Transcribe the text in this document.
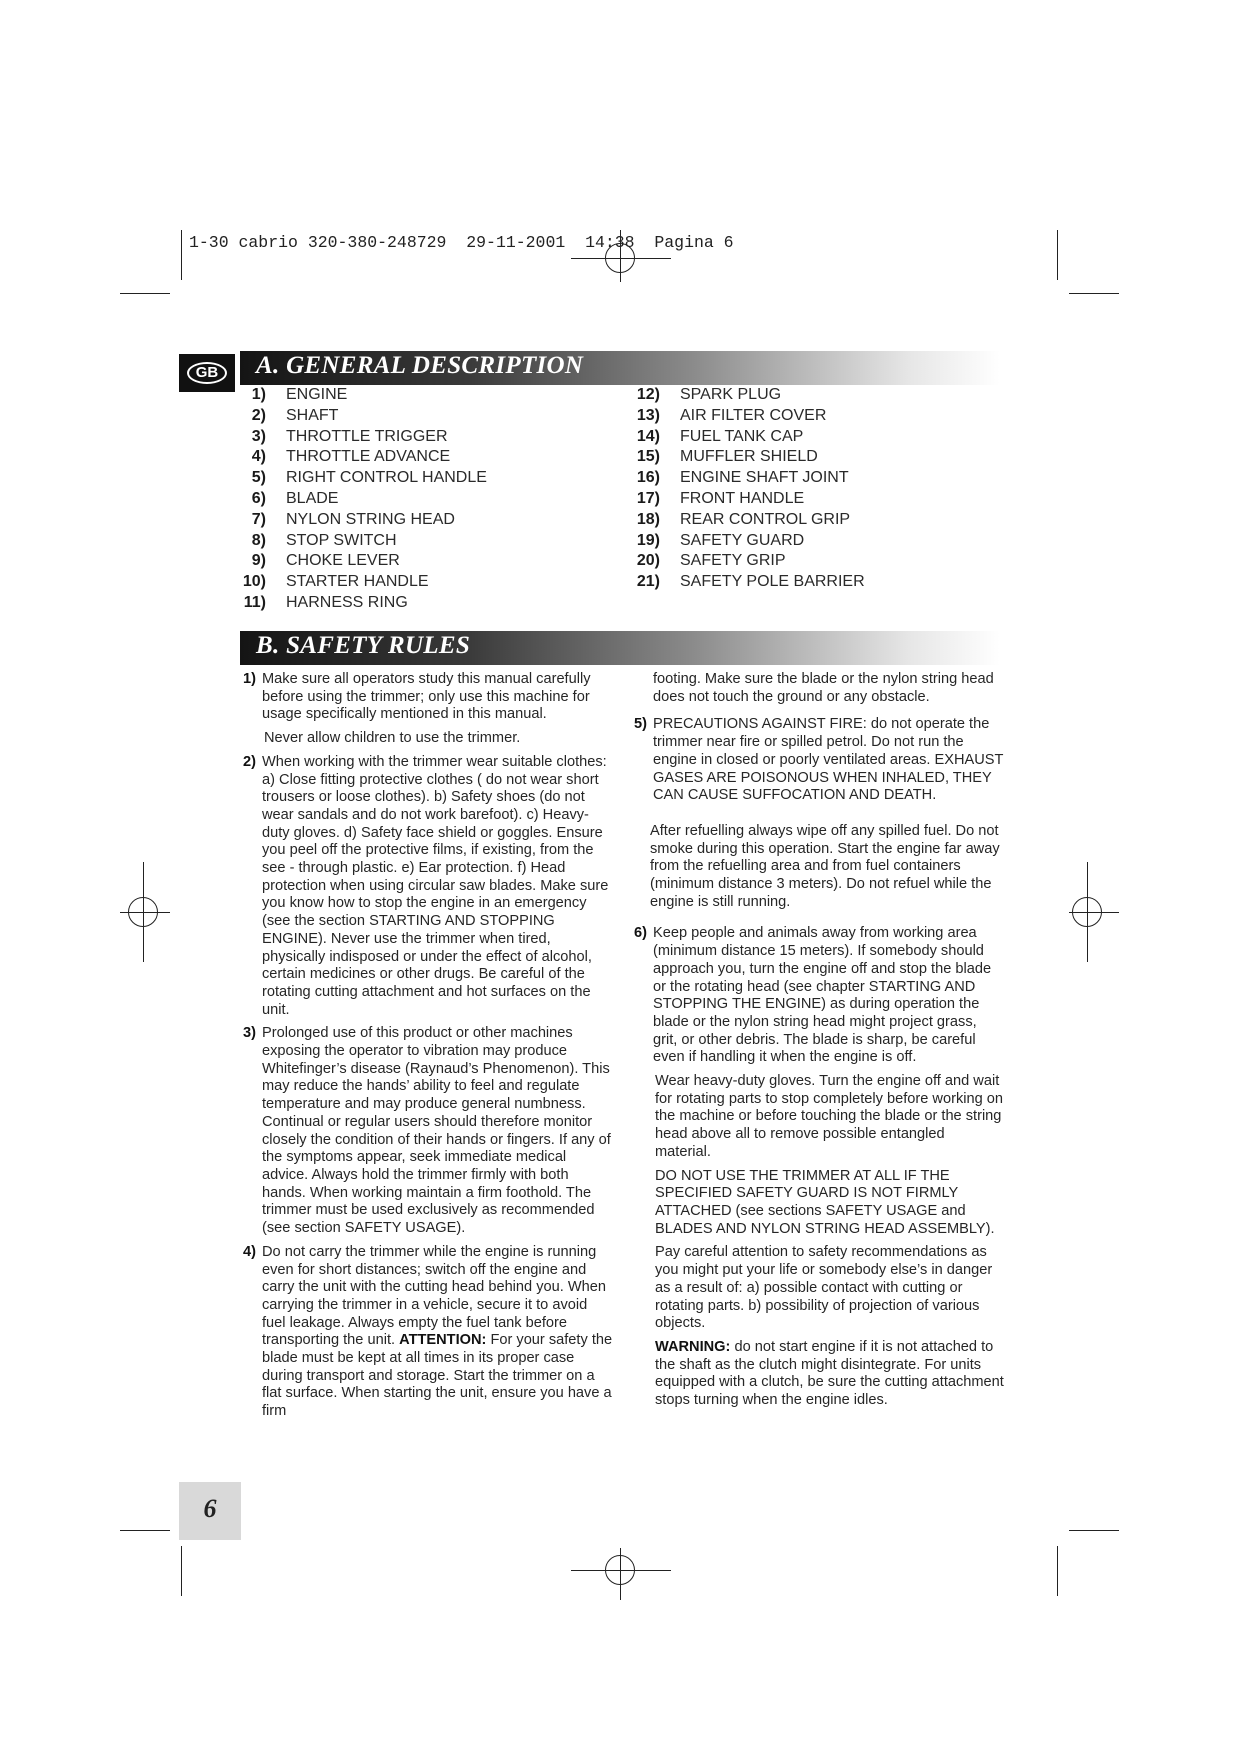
1-30 cabrio 320-380-248729  29-11-2001  14:38  Pagina 6
GB	A. GENERAL DESCRIPTION
1) ENGINE
2) SHAFT
3) THROTTLE TRIGGER
4) THROTTLE ADVANCE
5) RIGHT CONTROL HANDLE
6) BLADE
7) NYLON STRING HEAD
8) STOP SWITCH
9) CHOKE LEVER
10) STARTER HANDLE
11) HARNESS RING
12) SPARK PLUG
13) AIR FILTER COVER
14) FUEL TANK CAP
15) MUFFLER SHIELD
16) ENGINE SHAFT JOINT
17) FRONT HANDLE
18) REAR CONTROL GRIP
19) SAFETY GUARD
20) SAFETY GRIP
21) SAFETY POLE BARRIER
B. SAFETY RULES
1) Make sure all operators study this manual carefully before using the trimmer; only use this machine for usage specifically mentioned in this manual.
Never allow children to use the trimmer.
2) When working with the trimmer wear suitable clothes: a) Close fitting protective clothes ( do not wear short trousers or loose clothes). b) Safety shoes (do not wear sandals and do not work barefoot). c) Heavy-duty gloves. d) Safety face shield or goggles. Ensure you peel off the protective films, if existing, from the see - through plastic. e) Ear protection. f) Head protection when using circular saw blades. Make sure you know how to stop the engine in an emergency (see the section STARTING AND STOPPING ENGINE). Never use the trimmer when tired, physically indisposed or under the effect of alcohol, certain medicines or other drugs. Be careful of the rotating cutting attachment and hot surfaces on the unit.
3) Prolonged use of this product or other machines exposing the operator to vibration may produce Whitefinger’s disease (Raynaud’s Phenomenon). This may reduce the hands’ ability to feel and regulate temperature and may produce general numbness. Continual or regular users should therefore monitor closely the condition of their hands or fingers. If any of the symptoms appear, seek immediate medical advice. Always hold the trimmer firmly with both hands. When working maintain a firm foothold. The trimmer must be used exclusively as recommended (see section SAFETY USAGE).
4) Do not carry the trimmer while the engine is running even for short distances; switch off the engine and carry the unit with the cutting head behind you. When carrying the trimmer in a vehicle, secure it to avoid fuel leakage. Always empty the fuel tank before transporting the unit. ATTENTION: For your safety the blade must be kept at all times in its proper case during transport and storage. Start the trimmer on a flat surface. When starting the unit, ensure you have a firm
footing. Make sure the blade or the nylon string head does not touch the ground or any obstacle.
5) PRECAUTIONS AGAINST FIRE: do not operate the trimmer near fire or spilled petrol. Do not run the engine in closed or poorly ventilated areas. EXHAUST GASES ARE POISONOUS WHEN INHALED, THEY CAN CAUSE SUFFOCATION AND DEATH.
After refuelling always wipe off any spilled fuel. Do not smoke during this operation. Start the engine far away from the refuelling area and from fuel containers (minimum distance 3 meters). Do not refuel while the engine is still running.
6) Keep people and animals away from working area (minimum distance 15 meters). If somebody should approach you, turn the engine off and stop the blade or the rotating head (see chapter STARTING AND STOPPING THE ENGINE) as during operation the blade or the nylon string head might project grass, grit, or other debris. The blade is sharp, be careful even if handling it when the engine is off.
Wear heavy-duty gloves. Turn the engine off and wait for rotating parts to stop completely before working on the machine or before touching the blade or the string head above all to remove possible entangled material.
DO NOT USE THE TRIMMER AT ALL IF THE SPECIFIED SAFETY GUARD IS NOT FIRMLY ATTACHED (see sections SAFETY USAGE and BLADES AND NYLON STRING HEAD ASSEMBLY).
Pay careful attention to safety recommendations as you might put your life or somebody else’s in danger as a result of: a) possible contact with cutting or rotating parts. b) possibility of projection of various objects.
WARNING: do not start engine if it is not attached to the shaft as the clutch might disintegrate. For units equipped with a clutch, be sure the cutting attachment stops turning when the engine idles.
6
